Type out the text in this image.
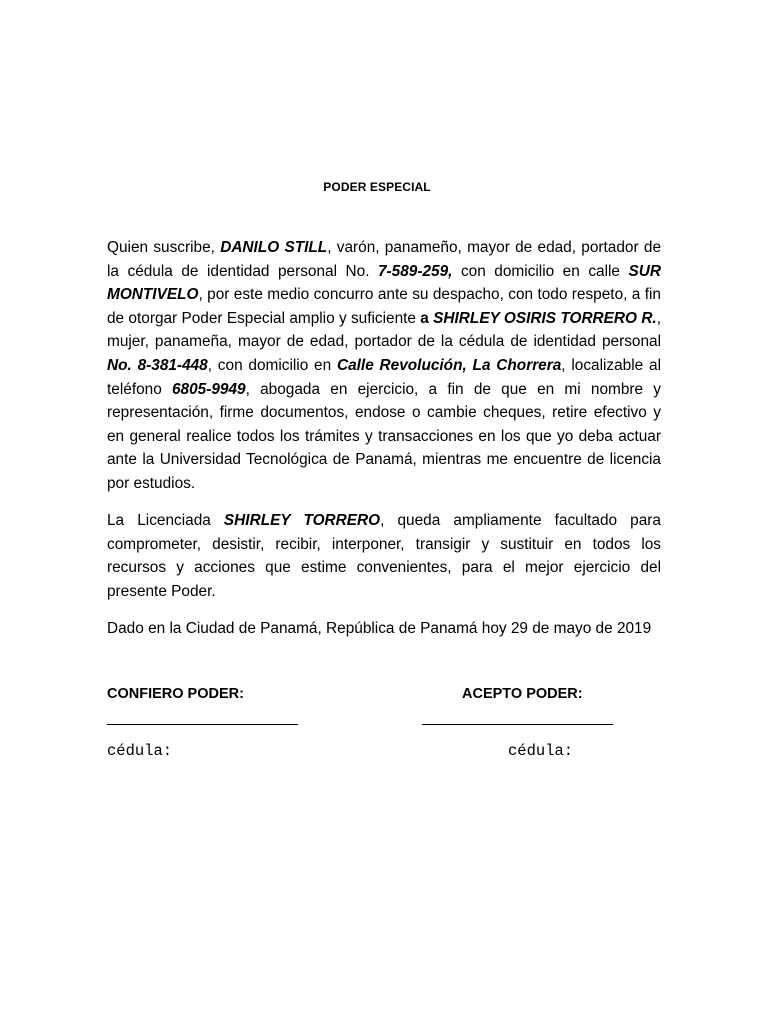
PODER ESPECIAL
Quien suscribe, DANILO STILL, varón, panameño, mayor de edad, portador de la cédula de identidad personal No. 7-589-259, con domicilio en calle SUR MONTIVELO, por este medio concurro ante su despacho, con todo respeto, a fin de otorgar Poder Especial amplio y suficiente a SHIRLEY OSIRIS TORRERO R., mujer, panameña, mayor de edad, portador de la cédula de identidad personal No. 8-381-448, con domicilio en Calle Revolución, La Chorrera, localizable al teléfono 6805-9949, abogada en ejercicio, a fin de que en mi nombre y representación, firme documentos, endose o cambie cheques, retire efectivo y en general realice todos los trámites y transacciones en los que yo deba actuar ante la Universidad Tecnológica de Panamá, mientras me encuentre de licencia por estudios.
La Licenciada SHIRLEY TORRERO, queda ampliamente facultado para comprometer, desistir, recibir, interponer, transigir y sustituir en todos los recursos y acciones que estime convenientes, para el mejor ejercicio del presente Poder.
Dado en la Ciudad de Panamá, República de Panamá hoy 29 de mayo de 2019
CONFIERO PODER:	ACEPTO PODER:
cédula:	cédula:
